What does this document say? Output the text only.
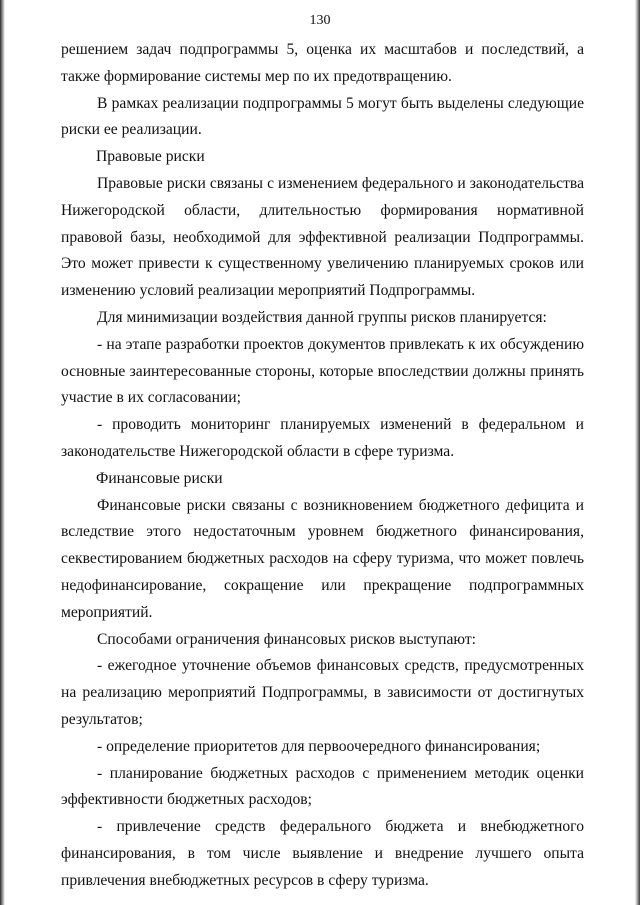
130

решением задач подпрограммы 5, оценка их масштабов и последствий, а также формирование системы мер по их предотвращению.

В рамках реализации подпрограммы 5 могут быть выделены следующие риски ее реализации.

Правовые риски

Правовые риски связаны с изменением федерального и законодательства Нижегородской области, длительностью формирования нормативной правовой базы, необходимой для эффективной реализации Подпрограммы. Это может привести к существенному увеличению планируемых сроков или изменению условий реализации мероприятий Подпрограммы.

Для минимизации воздействия данной группы рисков планируется:

- на этапе разработки проектов документов привлекать к их обсуждению основные заинтересованные стороны, которые впоследствии должны принять участие в их согласовании;

- проводить мониторинг планируемых изменений в федеральном и законодательстве Нижегородской области в сфере туризма.

Финансовые риски

Финансовые риски связаны с возникновением бюджетного дефицита и вследствие этого недостаточным уровнем бюджетного финансирования, секвестированием бюджетных расходов на сферу туризма, что может повлечь недофинансирование, сокращение или прекращение подпрограммных мероприятий.

Способами ограничения финансовых рисков выступают:

- ежегодное уточнение объемов финансовых средств, предусмотренных на реализацию мероприятий Подпрограммы, в зависимости от достигнутых результатов;

- определение приоритетов для первоочередного финансирования;

- планирование бюджетных расходов с применением методик оценки эффективности бюджетных расходов;

- привлечение средств федерального бюджета и внебюджетного финансирования, в том числе выявление и внедрение лучшего опыта привлечения внебюджетных ресурсов в сферу туризма.
